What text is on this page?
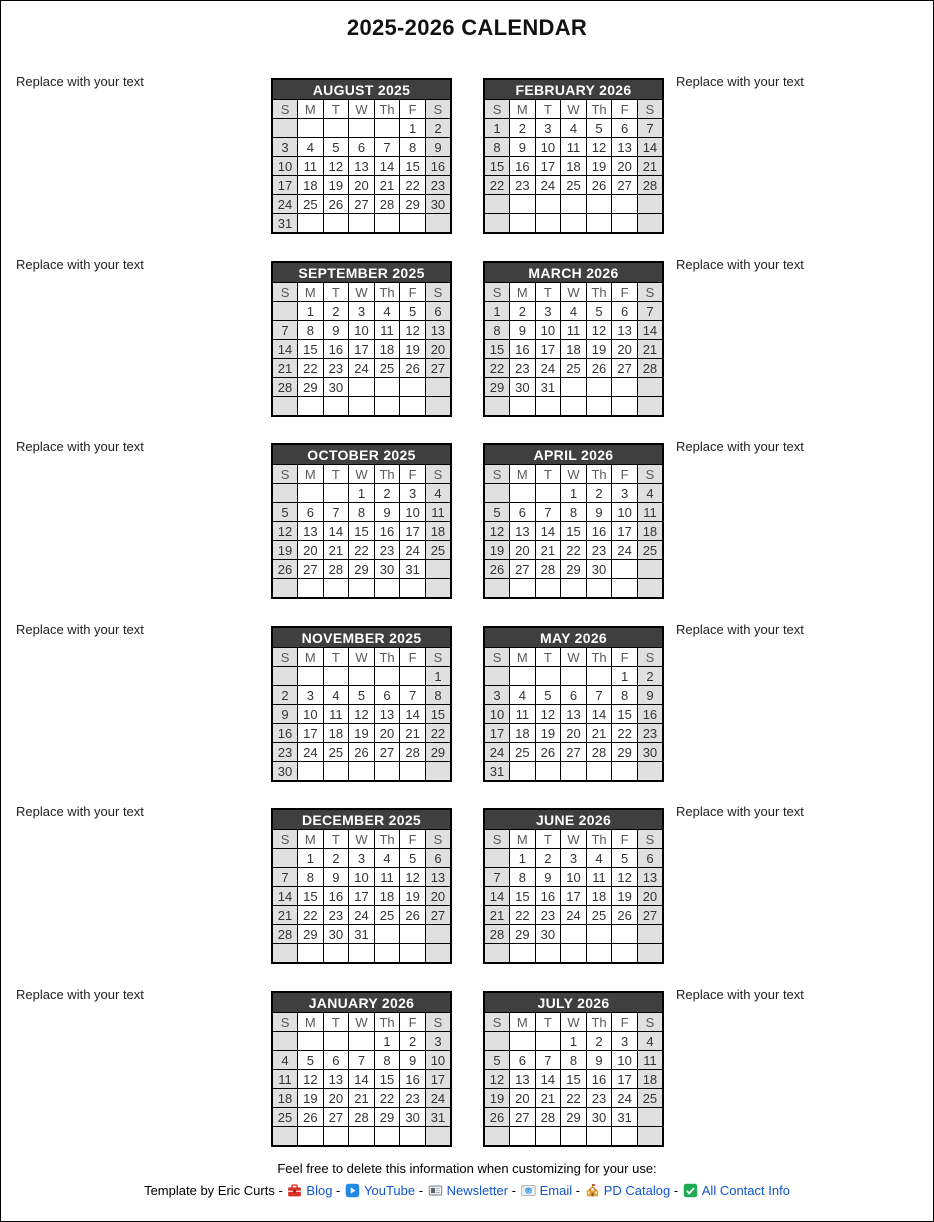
2025-2026 CALENDAR
Replace with your text	Replace with your text
AUGUST 2025						
S	M	T	W	Th	F	S
					1	2
3	4	5	6	7	8	9
10	11	12	13	14	15	16
17	18	19	20	21	22	23
24	25	26	27	28	29	30
31						
FEBRUARY 2026						
S	M	T	W	Th	F	S
1	2	3	4	5	6	7
8	9	10	11	12	13	14
15	16	17	18	19	20	21
22	23	24	25	26	27	28

Replace with your text	Replace with your text
SEPTEMBER 2025						
S	M	T	W	Th	F	S
	1	2	3	4	5	6
7	8	9	10	11	12	13
14	15	16	17	18	19	20
21	22	23	24	25	26	27
28	29	30				

MARCH 2026						
S	M	T	W	Th	F	S
1	2	3	4	5	6	7
8	9	10	11	12	13	14
15	16	17	18	19	20	21
22	23	24	25	26	27	28
29	30	31				

Replace with your text	Replace with your text
OCTOBER 2025						
S	M	T	W	Th	F	S
			1	2	3	4
5	6	7	8	9	10	11
12	13	14	15	16	17	18
19	20	21	22	23	24	25
26	27	28	29	30	31	

APRIL 2026						
S	M	T	W	Th	F	S
			1	2	3	4
5	6	7	8	9	10	11
12	13	14	15	16	17	18
19	20	21	22	23	24	25
26	27	28	29	30		

Replace with your text	Replace with your text
NOVEMBER 2025						
S	M	T	W	Th	F	S
						1
2	3	4	5	6	7	8
9	10	11	12	13	14	15
16	17	18	19	20	21	22
23	24	25	26	27	28	29
30						
MAY 2026						
S	M	T	W	Th	F	S
					1	2
3	4	5	6	7	8	9
10	11	12	13	14	15	16
17	18	19	20	21	22	23
24	25	26	27	28	29	30
31						
Replace with your text	Replace with your text
DECEMBER 2025						
S	M	T	W	Th	F	S
	1	2	3	4	5	6
7	8	9	10	11	12	13
14	15	16	17	18	19	20
21	22	23	24	25	26	27
28	29	30	31			

JUNE 2026						
S	M	T	W	Th	F	S
	1	2	3	4	5	6
7	8	9	10	11	12	13
14	15	16	17	18	19	20
21	22	23	24	25	26	27
28	29	30				

Replace with your text	Replace with your text
JANUARY 2026						
S	M	T	W	Th	F	S
				1	2	3
4	5	6	7	8	9	10
11	12	13	14	15	16	17
18	19	20	21	22	23	24
25	26	27	28	29	30	31

JULY 2026						
S	M	T	W	Th	F	S
			1	2	3	4
5	6	7	8	9	10	11
12	13	14	15	16	17	18
19	20	21	22	23	24	25
26	27	28	29	30	31	

Feel free to delete this information when customizing for your use:
Template by Eric Curts - Blog - YouTube - Newsletter - @ Email - PD Catalog - All Contact Info
